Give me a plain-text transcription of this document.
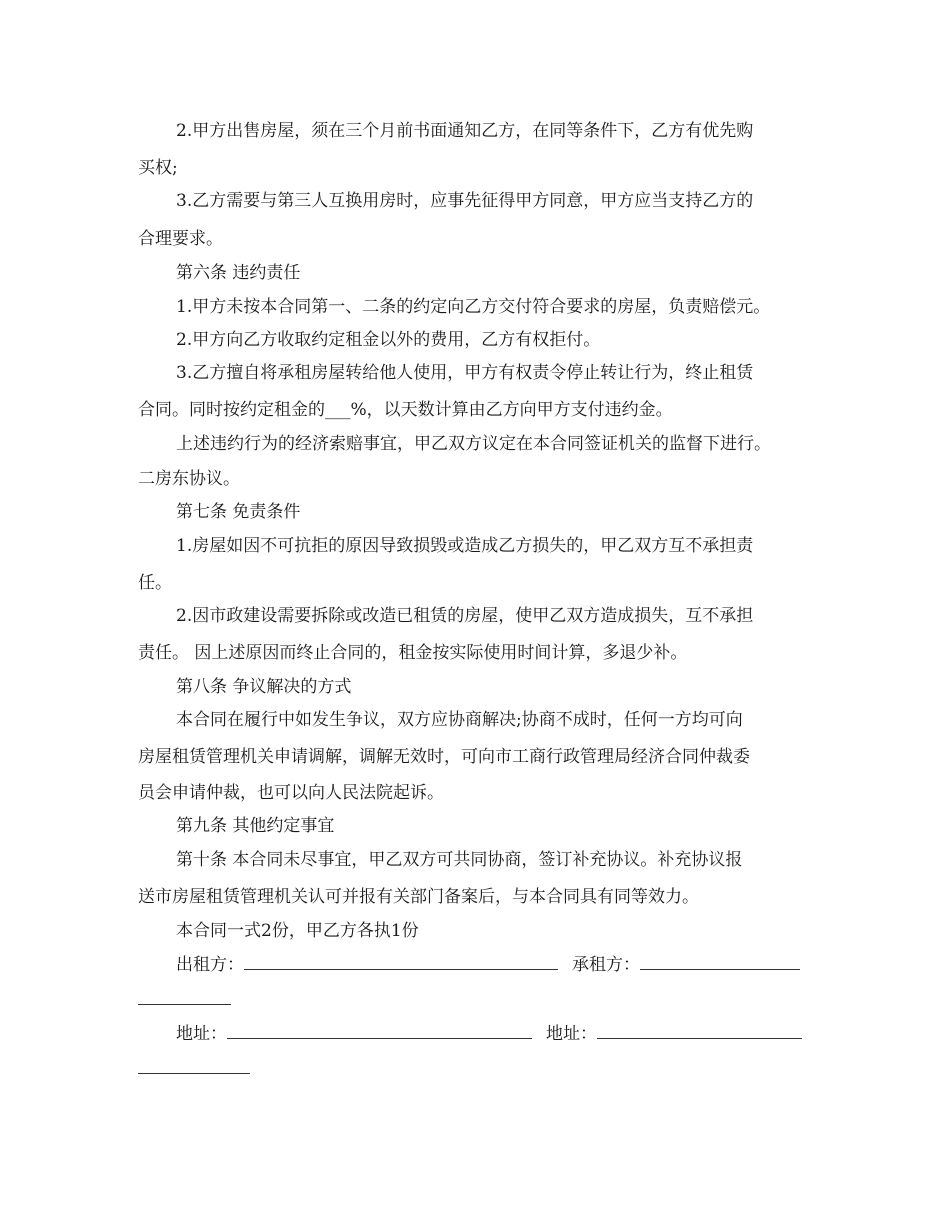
2.甲方出售房屋，须在三个月前书面通知乙方，在同等条件下，乙方有优先购
买权;
3.乙方需要与第三人互换用房时，应事先征得甲方同意，甲方应当支持乙方的
合理要求。
第六条 违约责任
1.甲方未按本合同第一、二条的约定向乙方交付符合要求的房屋，负责赔偿元。
2.甲方向乙方收取约定租金以外的费用，乙方有权拒付。
3.乙方擅自将承租房屋转给他人使用，甲方有权责令停止转让行为，终止租赁
合同。同时按约定租金的___%，以天数计算由乙方向甲方支付违约金。
上述违约行为的经济索赔事宜，甲乙双方议定在本合同签证机关的监督下进行。
二房东协议。
第七条 免责条件
1.房屋如因不可抗拒的原因导致损毁或造成乙方损失的，甲乙双方互不承担责
任。
2.因市政建设需要拆除或改造已租赁的房屋，使甲乙双方造成损失，互不承担
责任。 因上述原因而终止合同的，租金按实际使用时间计算，多退少补。
第八条 争议解决的方式
本合同在履行中如发生争议，双方应协商解决;协商不成时，任何一方均可向
房屋租赁管理机关申请调解，调解无效时，可向市工商行政管理局经济合同仲裁委
员会申请仲裁，也可以向人民法院起诉。
第九条 其他约定事宜
第十条 本合同未尽事宜，甲乙双方可共同协商，签订补充协议。补充协议报
送市房屋租赁管理机关认可并报有关部门备案后，与本合同具有同等效力。
本合同一式2份，甲乙方各执1份
出租方：	承租方：
地址：	地址：
